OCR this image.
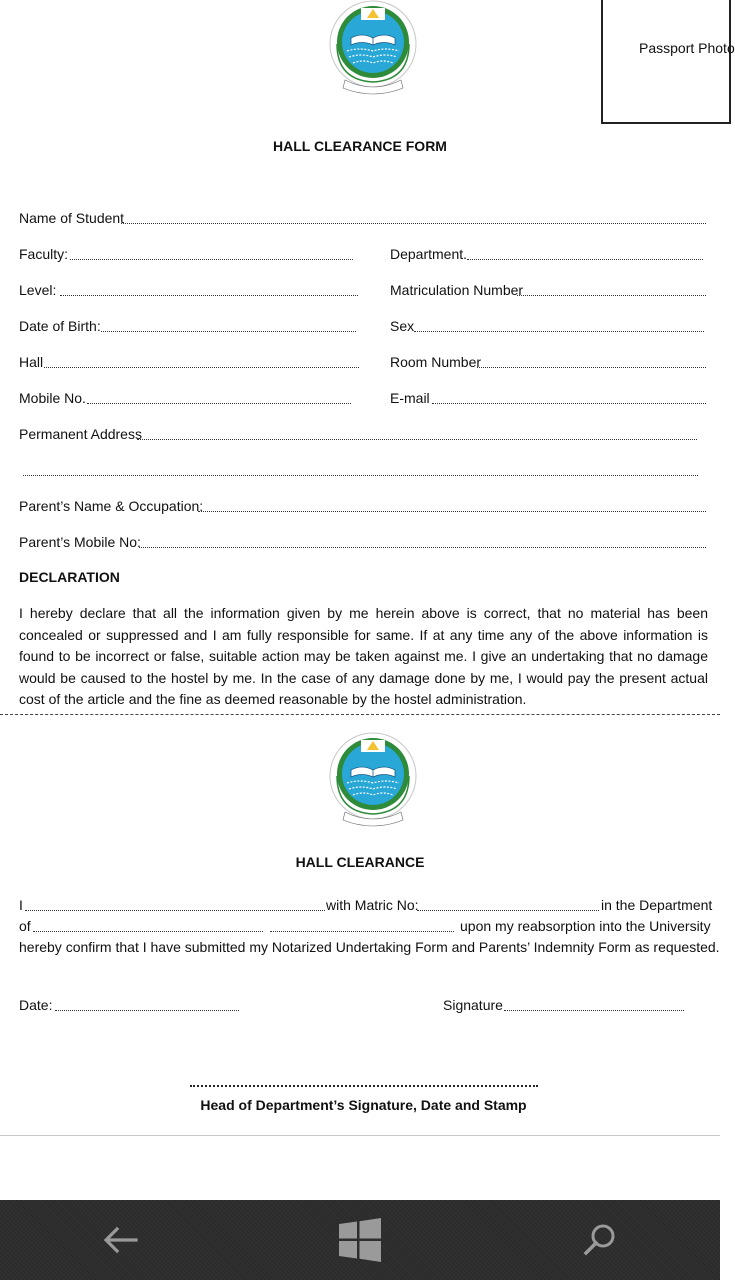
Passport Photo
HALL CLEARANCE FORM
Name of Student
Faculty:	Department.
Level:	Matriculation Number
Date of Birth:	Sex
Hall	Room Number
Mobile No.	E-mail
Permanent Address
Parent’s Name & Occupation:
Parent’s Mobile No:
DECLARATION
I hereby declare that all the information given by me herein above is correct, that no material has been concealed or suppressed and I am fully responsible for same. If at any time any of the above information is found to be incorrect or false, suitable action may be taken against me. I give an undertaking that no damage would be caused to the hostel by me. In the case of any damage done by me, I would pay the present actual cost of the article and the fine as deemed reasonable by the hostel administration.
HALL CLEARANCE
I	with Matric No:	in the Department
of	upon my reabsorption into the University
hereby confirm that I have submitted my Notarized Undertaking Form and Parents’ Indemnity Form as requested.
Date:	Signature
Head of Department’s Signature, Date and Stamp
